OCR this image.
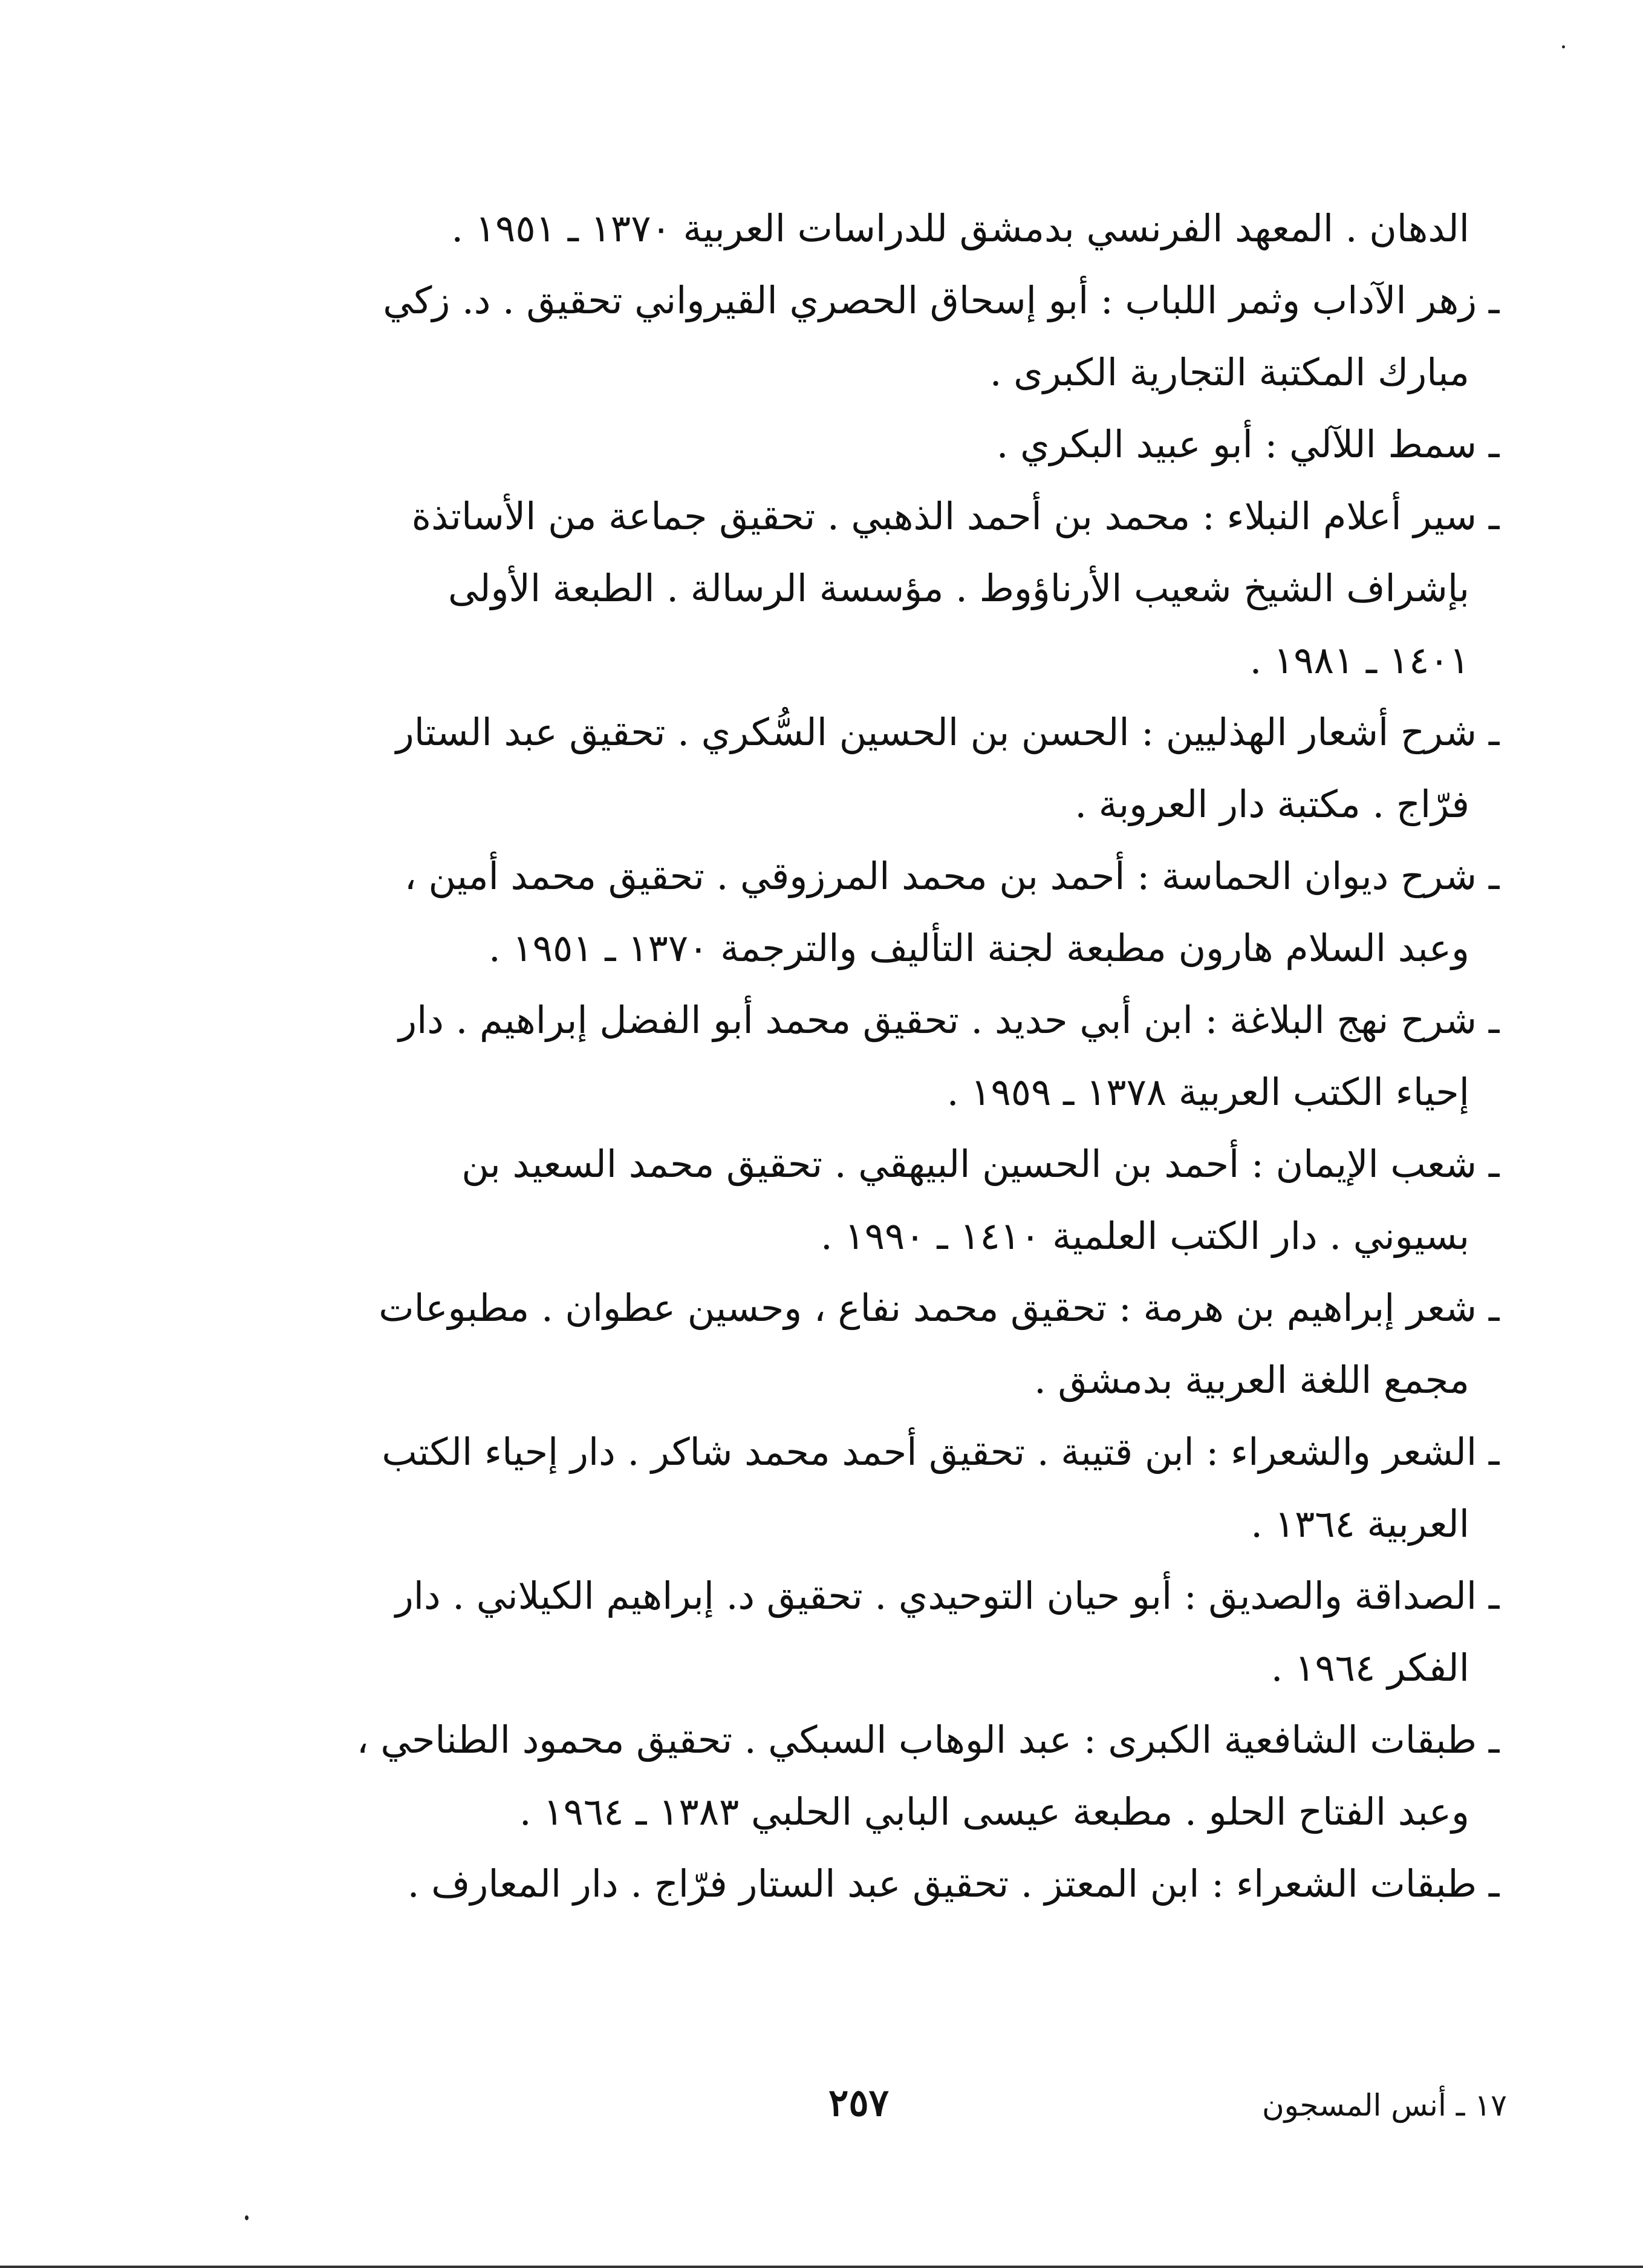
الدهان . المعهد الفرنسي بدمشق للدراسات العربية ١٣٧٠ ـ ١٩٥١ .
ـ زهر الآداب وثمر اللباب : أبو إسحاق الحصري القيرواني تحقيق . د. زكي
مبارك المكتبة التجارية الكبرى .
ـ سمط اللآلي : أبو عبيد البكري .
ـ سير أعلام النبلاء : محمد بن أحمد الذهبي . تحقيق جماعة من الأساتذة
بإشراف الشيخ شعيب الأرناؤوط . مؤسسة الرسالة . الطبعة الأولى
١٤٠١ ـ ١٩٨١ .
ـ شرح أشعار الهذليين : الحسن بن الحسين السُّكري . تحقيق عبد الستار
فرّاج . مكتبة دار العروبة .
ـ شرح ديوان الحماسة : أحمد بن محمد المرزوقي . تحقيق محمد أمين ،
وعبد السلام هارون مطبعة لجنة التأليف والترجمة ١٣٧٠ ـ ١٩٥١ .
ـ شرح نهج البلاغة : ابن أبي حديد . تحقيق محمد أبو الفضل إبراهيم . دار
إحياء الكتب العربية ١٣٧٨ ـ ١٩٥٩ .
ـ شعب الإيمان : أحمد بن الحسين البيهقي . تحقيق محمد السعيد بن
بسيوني . دار الكتب العلمية ١٤١٠ ـ ١٩٩٠ .
ـ شعر إبراهيم بن هرمة : تحقيق محمد نفاع ، وحسين عطوان . مطبوعات
مجمع اللغة العربية بدمشق .
ـ الشعر والشعراء : ابن قتيبة . تحقيق أحمد محمد شاكر . دار إحياء الكتب
العربية ١٣٦٤ .
ـ الصداقة والصديق : أبو حيان التوحيدي . تحقيق د. إبراهيم الكيلاني . دار
الفكر ١٩٦٤ .
ـ طبقات الشافعية الكبرى : عبد الوهاب السبكي . تحقيق محمود الطناحي ،
وعبد الفتاح الحلو . مطبعة عيسى البابي الحلبي ١٣٨٣ ـ ١٩٦٤ .
ـ طبقات الشعراء : ابن المعتز . تحقيق عبد الستار فرّاج . دار المعارف .
٢٥٧	١٧ ـ أنس المسجون
